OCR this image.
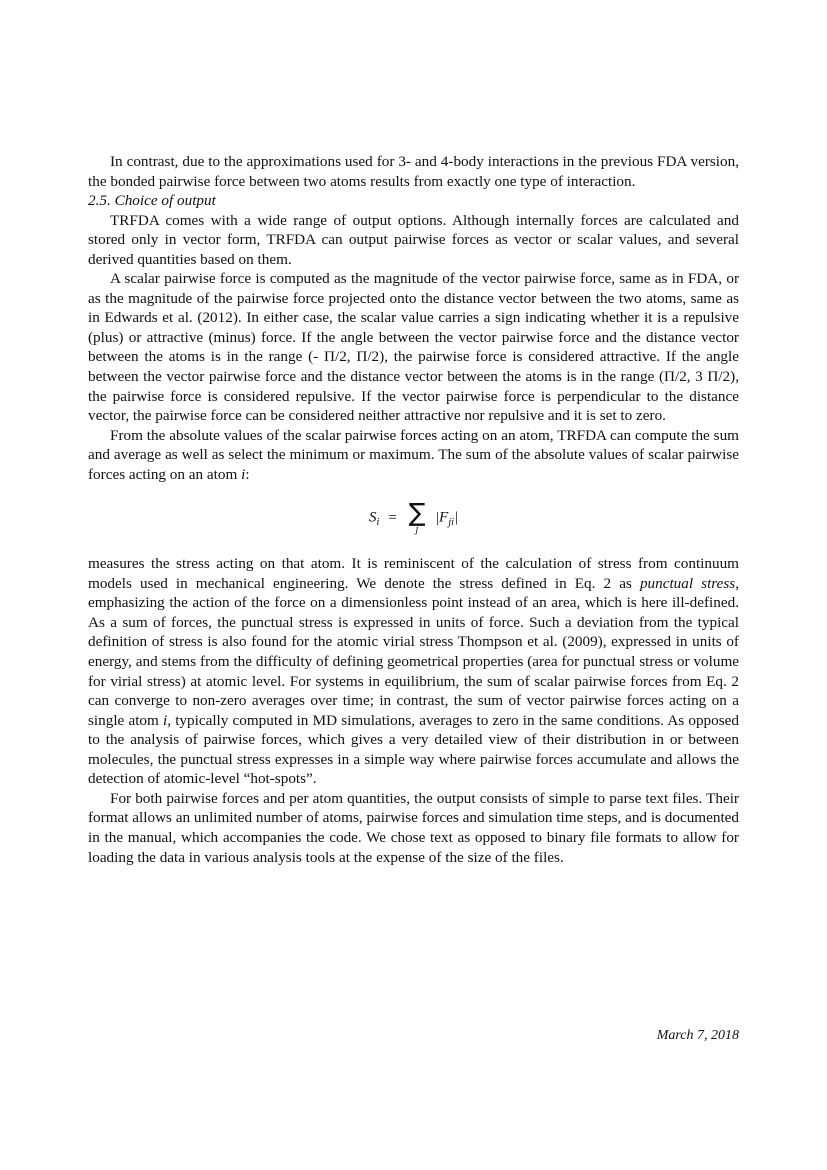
In contrast, due to the approximations used for 3- and 4-body interactions in the previous FDA version, the bonded pairwise force between two atoms results from exactly one type of interaction.

2.5. Choice of output

TRFDA comes with a wide range of output options. Although internally forces are calculated and stored only in vector form, TRFDA can output pairwise forces as vector or scalar values, and several derived quantities based on them.

A scalar pairwise force is computed as the magnitude of the vector pairwise force, same as in FDA, or as the magnitude of the pairwise force projected onto the distance vector between the two atoms, same as in Edwards et al. (2012). In either case, the scalar value carries a sign indicating whether it is a repulsive (plus) or attractive (minus) force. If the angle between the vector pairwise force and the distance vector between the atoms is in the range (- Π/2, Π/2), the pairwise force is considered attractive. If the angle between the vector pairwise force and the distance vector between the atoms is in the range (Π/2, 3 Π/2), the pairwise force is considered repulsive. If the vector pairwise force is perpendicular to the distance vector, the pairwise force can be considered neither attractive nor repulsive and it is set to zero.

From the absolute values of the scalar pairwise forces acting on an atom, TRFDA can compute the sum and average as well as select the minimum or maximum. The sum of the absolute values of scalar pairwise forces acting on an atom i:

$S_i$ = ∑
j
$|F_{ji}|$

measures the stress acting on that atom. It is reminiscent of the calculation of stress from continuum models used in mechanical engineering. We denote the stress defined in Eq. 2 as punctual stress, emphasizing the action of the force on a dimensionless point instead of an area, which is here ill-defined. As a sum of forces, the punctual stress is expressed in units of force. Such a deviation from the typical definition of stress is also found for the atomic virial stress Thompson et al. (2009), expressed in units of energy, and stems from the difficulty of defining geometrical properties (area for punctual stress or volume for virial stress) at atomic level. For systems in equilibrium, the sum of scalar pairwise forces from Eq. 2 can converge to non-zero averages over time; in contrast, the sum of vector pairwise forces acting on a single atom i, typically computed in MD simulations, averages to zero in the same conditions. As opposed to the analysis of pairwise forces, which gives a very detailed view of their distribution in or between molecules, the punctual stress expresses in a simple way where pairwise forces accumulate and allows the detection of atomic-level “hot-spots”.

For both pairwise forces and per atom quantities, the output consists of simple to parse text files. Their format allows an unlimited number of atoms, pairwise forces and simulation time steps, and is documented in the manual, which accompanies the code. We chose text as opposed to binary file formats to allow for loading the data in various analysis tools at the expense of the size of the files.

March 7, 2018
